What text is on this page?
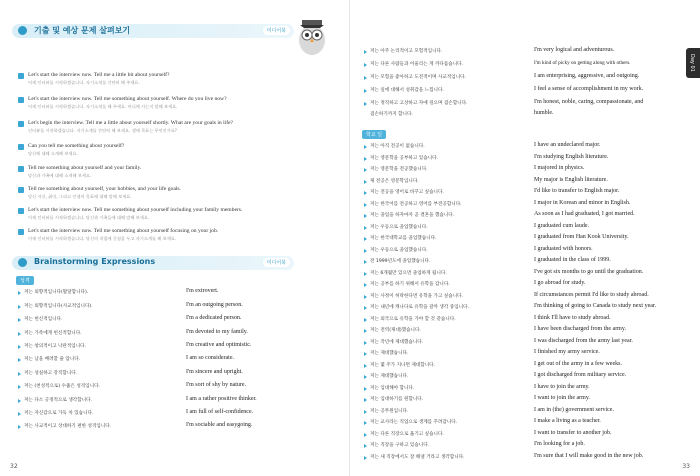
기출 및 예상 문제 살펴보기	미디어북
Let's start the interview now. Tell me a little bit about yourself?
이제 인터뷰를 시작하겠습니다. 자기소개를 간단히 해 주세요.
Let's start the interview now. Tell me something about yourself. Where do you live now?
이제 인터뷰를 시작하겠습니다. 자기소개를 해 주세요. 어디에 사는지 말해 보세요.
Let's begin the interview. Tell me a little about yourself shortly. What are your goals in life?
인터뷰를 시작하겠습니다. 자기소개를 간단히 해 보세요. 생애 목표는 무엇인가요?
Can you tell me something about yourself?
당신에 대해 소개해 보세요.
Tell me something about yourself and your family.
당신과 가족에 대해 소개해 보세요.
Tell me something about yourself, your hobbies, and your life goals.
당신 자신, 취미, 그리고 인생의 목표에 대해 말해 보세요.
Let's start the interview now. Tell me something about yourself including your family members.
이제 인터뷰를 시작하겠습니다. 당신과 가족들에 대해 말해 보세요.
Let's start the interview now. Tell me something about yourself focusing on your job.
이제 인터뷰를 시작하겠습니다. 당신의 직업에 중점을 두고 자기소개를 해 보세요.
Brainstorming Expressions	미디어북
성격
저는 외향적입니다(활달합니다).	I'm extrovert.
저는 외향적입니다(사교적입니다).	I'm an outgoing person.
저는 헌신적입니다.	I'm a dedicated person.
저는 가족에게 헌신적합니다.	I'm devoted to my family.
저는 창의적이고 낙관적입니다.	I'm creative and optimistic.
저는 남을 배려할 줄 압니다.	I am so considerate.
저는 성실하고 강직합니다.	I'm sincere and upright.
저는 (천성적으로) 수줍은 성격입니다.	I'm sort of shy by nature.
저는 다소 긍정적으로 생각합니다.	I am a rather positive thinker.
저는 자신감으로 가득 차 있습니다.	I am full of self-confidence.
저는 사교적이고 상대하기 편한 성격입니다.	I'm sociable and easygoing.
32
저는 아주 논리적이고 모험적입니다.	I'm very logical and adventurous.
저는 다른 사람들과 어울리는 게 까다롭습니다.	I'm kind of picky on getting along with others.
저는 모험을 좋아하고 도전적이며 사교적입니다.	I am enterprising, aggressive, and outgoing.
저는 일에 대해서 성취감을 느낍니다.	I feel a sense of accomplishment in my work.
저는 정직하고 고상하고 자애 깊으며 겸손합니다.	I'm honest, noble, caring, compassionate, and
겸손하기까지 합니다.	humble.
학교 일
저는 아직 전공이 없습니다.	I have an undeclared major.
저는 영문학을 공부하고 있습니다.	I'm studying English literature.
저는 영문학을 전공했습니다.	I majored in physics.
제 전공은 영문학입니다.	My major is English literature.
저는 전공을 영어로 바꾸고 싶습니다.	I'd like to transfer to English major.
저는 한국어를 전공하고 영어를 부전공합니다.	I major in Korean and minor in English.
저는 졸업을 하자마자 곧 결혼을 했습니다.	As soon as I had graduated, I got married.
저는 우등으로 졸업했습니다.	I graduated cum laude.
저는 한국대학교를 졸업했습니다.	I graduated from Han Kook University.
저는 우등으로 졸업했습니다.	I graduated with honors.
전 1999년도에 졸업했습니다.	I graduated in the class of 1999.
저는 6개월만 있으면 졸업하게 됩니다.	I've got six months to go until the graduation.
저는 공부를 하기 위해서 유학을 갑니다.	I go abroad for study.
저는 사정이 허락한다면 유학을 가고 싶습니다.	If circumstances permit I'd like to study abroad.
저는 내년에 캐나다로 유학을 갈까 생각 중입니다.	I'm thinking of going to Canada to study next year.
저는 외국으로 유학을 가야 할 것 같습니다.	I think I'll have to study abroad.
저는 전역(제대)했습니다.	I have been discharged from the army.
저는 작년에 제대했습니다.	I was discharged from the army last year.
저는 제대했습니다.	I finished my army service.
저는 몇 주가 지나면 제대합니다.	I get out of the army in a few weeks.
저는 제대했습니다.	I got discharged from military service.
저는 입대해야 합니다.	I have to join the army.
저는 입대하기를 원합니다.	I want to join the army.
저는 공무원입니다.	I am in (the) government service.
저는 교사라는 직업으로 생계를 꾸려갑니다.	I make a living as a teacher.
저는 다른 직장으로 옮기고 싶습니다.	I want to transfer to another job.
저는 직장을 구하고 있습니다.	I'm looking for a job.
저는 새 직장에서도 잘 해낼 거라고 생각합니다.	I'm sure that I will make good in the new job.
Day 01
33
